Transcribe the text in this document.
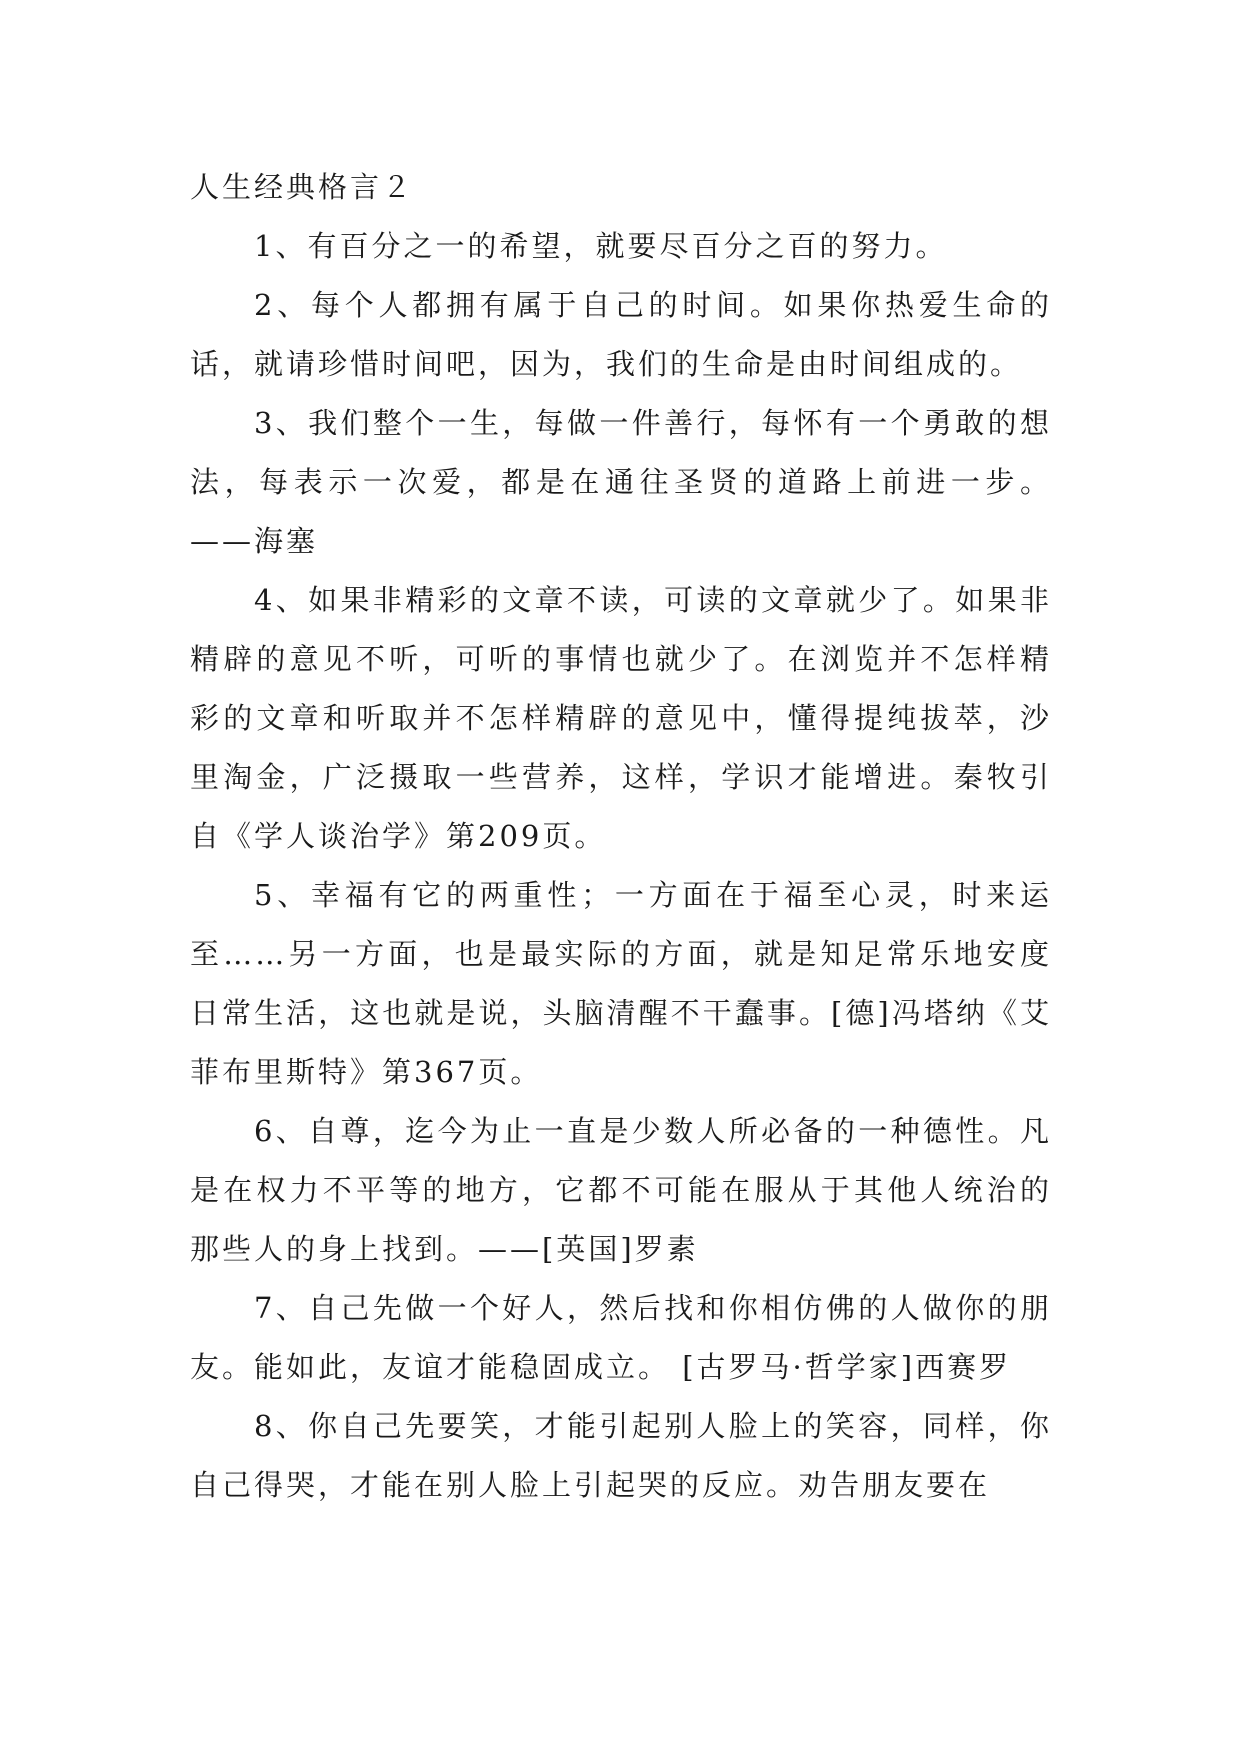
人生经典格言２

1、有百分之一的希望，就要尽百分之百的努力。

2、每个人都拥有属于自己的时间。如果你热爱生命的话，就请珍惜时间吧，因为，我们的生命是由时间组成的。

3、我们整个一生，每做一件善行，每怀有一个勇敢的想法，每表示一次爱，都是在通往圣贤的道路上前进一步。——海塞

4、如果非精彩的文章不读，可读的文章就少了。如果非精辟的意见不听，可听的事情也就少了。在浏览并不怎样精彩的文章和听取并不怎样精辟的意见中，懂得提纯拔萃，沙里淘金，广泛摄取一些营养，这样，学识才能增进。秦牧引自《学人谈治学》第209页。

5、幸福有它的两重性；一方面在于福至心灵，时来运至……另一方面，也是最实际的方面，就是知足常乐地安度日常生活，这也就是说，头脑清醒不干蠢事。[德]冯塔纳《艾菲布里斯特》第367页。

6、自尊，迄今为止一直是少数人所必备的一种德性。凡是在权力不平等的地方，它都不可能在服从于其他人统治的那些人的身上找到。——[英国]罗素

7、自己先做一个好人，然后找和你相仿佛的人做你的朋友。能如此，友谊才能稳固成立。 [古罗马·哲学家]西赛罗

8、你自己先要笑，才能引起别人脸上的笑容，同样，你自己得哭，才能在别人脸上引起哭的反应。劝告朋友要在
